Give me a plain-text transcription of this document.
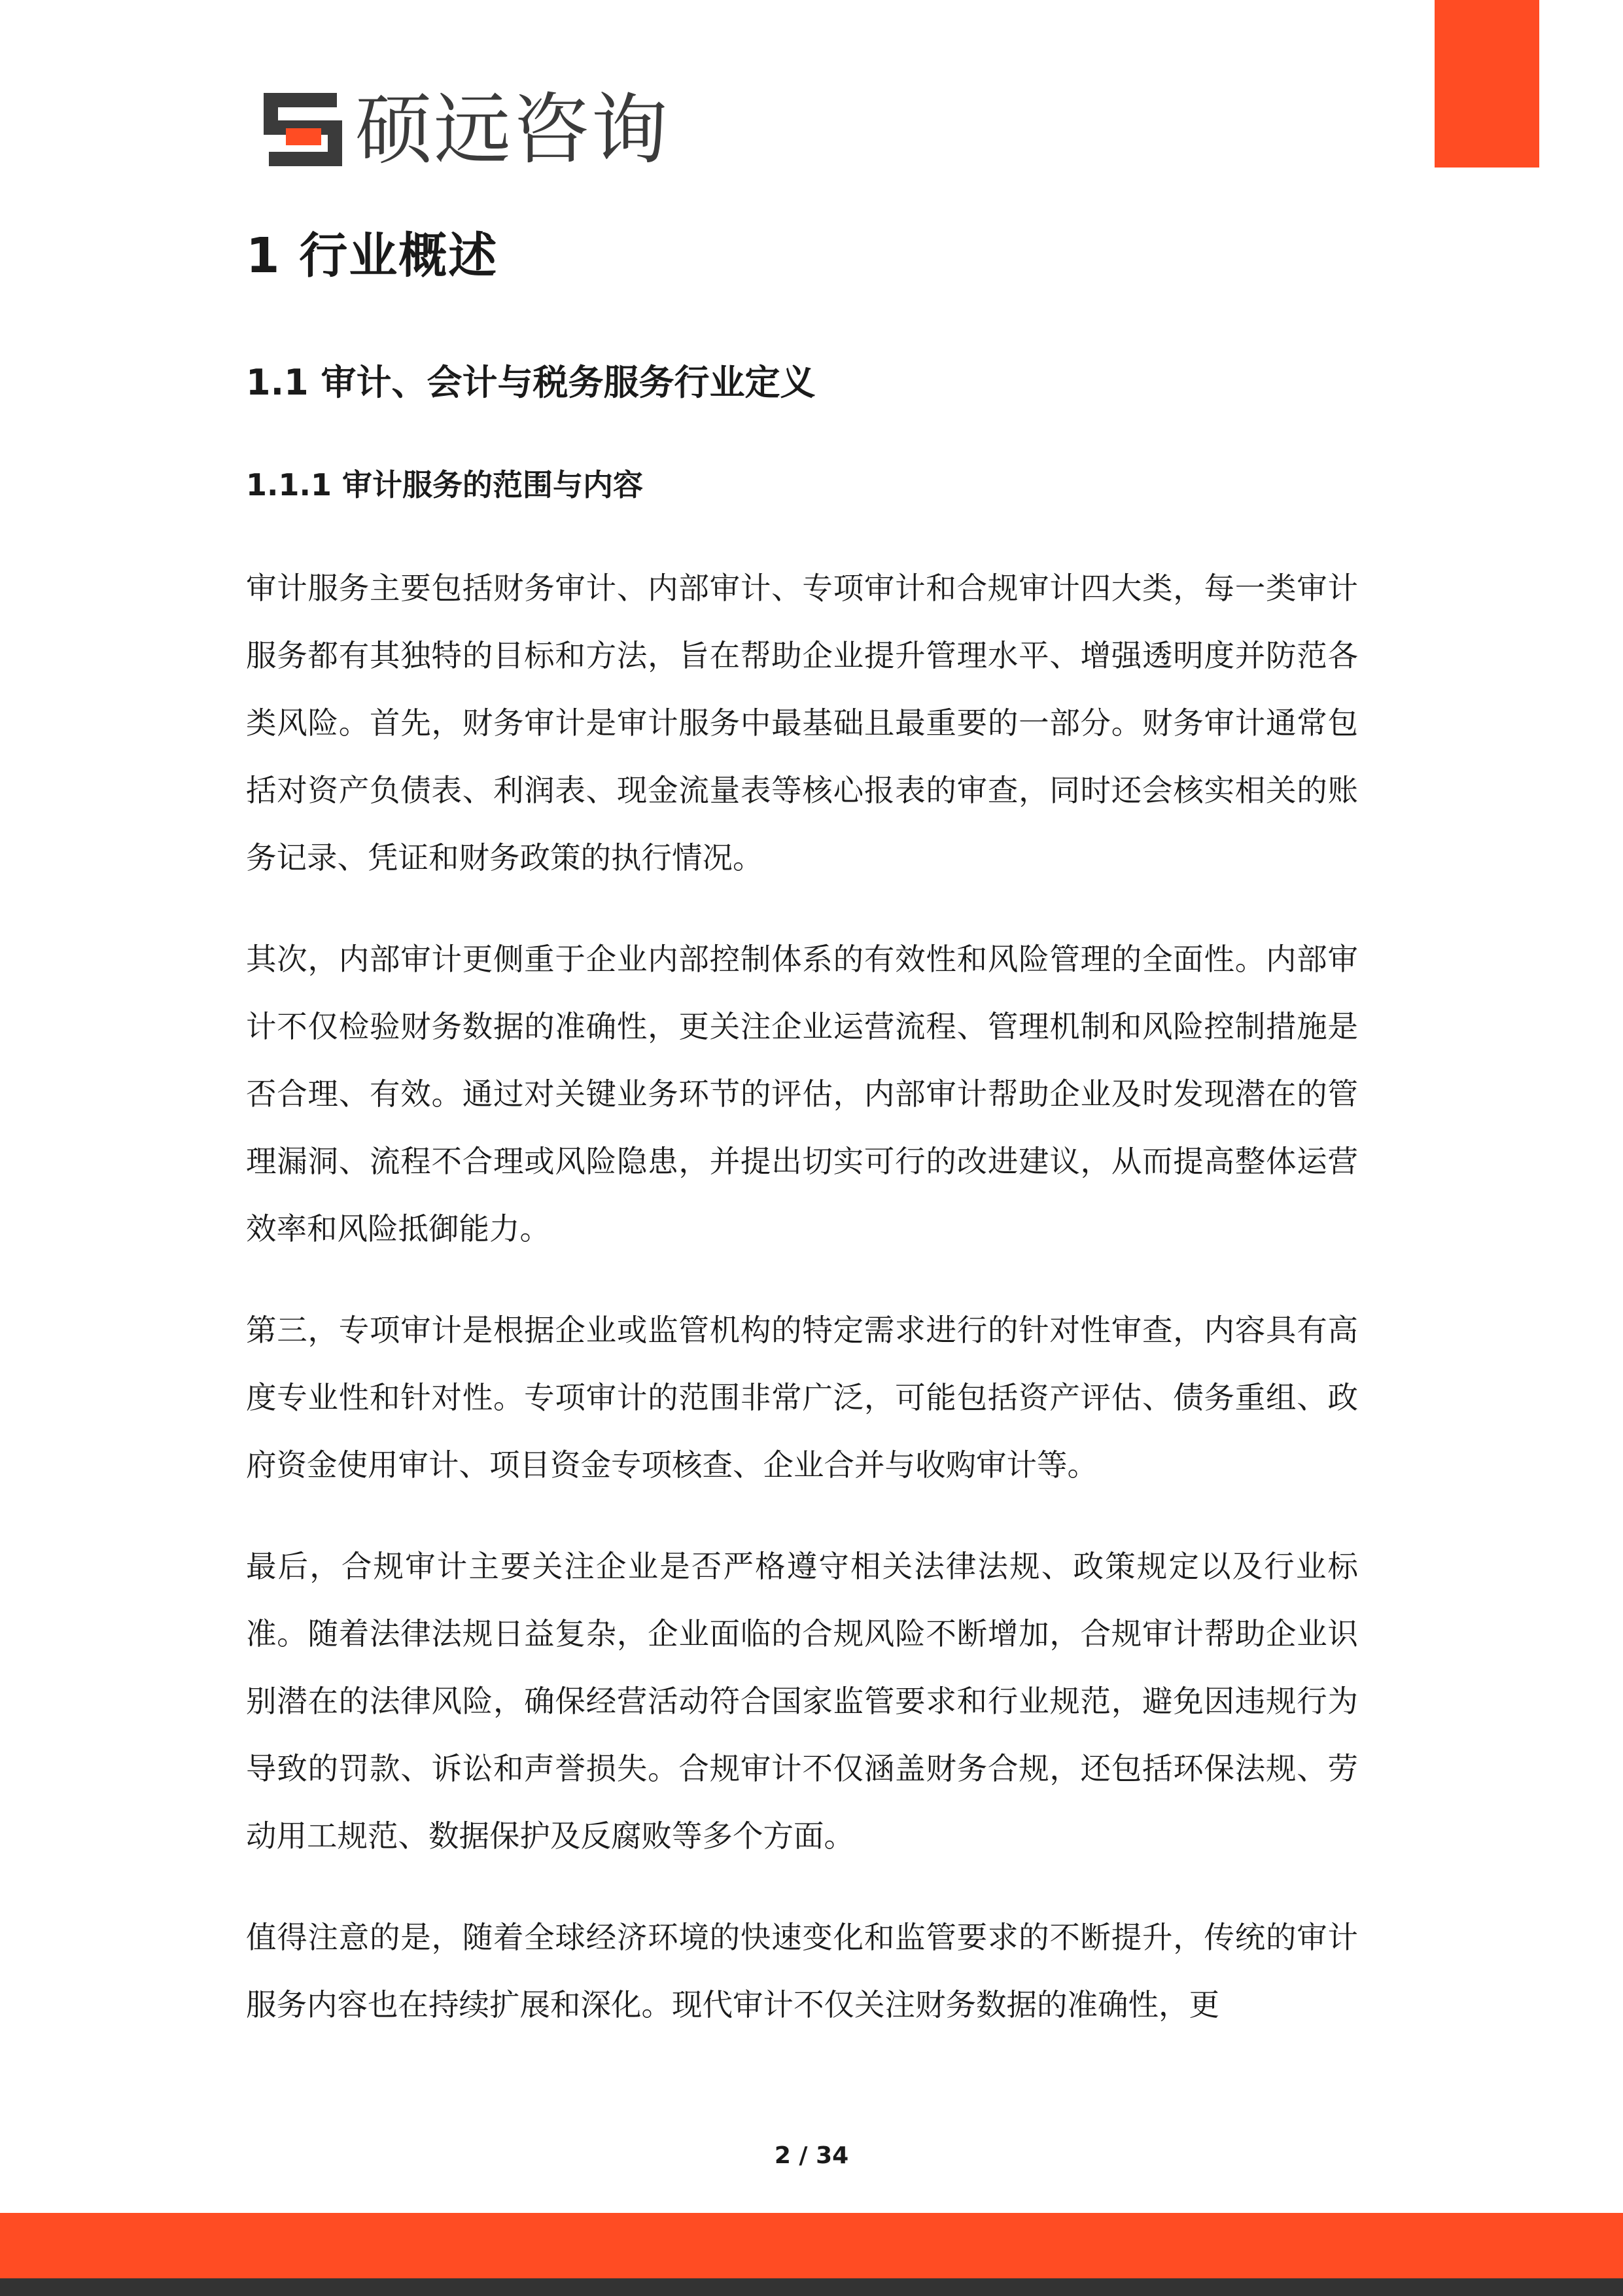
硕远咨询
1 行业概述
1.1 审计、会计与税务服务行业定义
1.1.1 审计服务的范围与内容

审计服务主要包括财务审计、内部审计、专项审计和合规审计四大类，每一类审计服务都有其独特的目标和方法，旨在帮助企业提升管理水平、增强透明度并防范各类风险。首先，财务审计是审计服务中最基础且最重要的一部分。财务审计通常包括对资产负债表、利润表、现金流量表等核心报表的审查，同时还会核实相关的账务记录、凭证和财务政策的执行情况。

其次，内部审计更侧重于企业内部控制体系的有效性和风险管理的全面性。内部审计不仅检验财务数据的准确性，更关注企业运营流程、管理机制和风险控制措施是否合理、有效。通过对关键业务环节的评估，内部审计帮助企业及时发现潜在的管理漏洞、流程不合理或风险隐患，并提出切实可行的改进建议，从而提高整体运营效率和风险抵御能力。

第三，专项审计是根据企业或监管机构的特定需求进行的针对性审查，内容具有高度专业性和针对性。专项审计的范围非常广泛，可能包括资产评估、债务重组、政府资金使用审计、项目资金专项核查、企业合并与收购审计等。

最后，合规审计主要关注企业是否严格遵守相关法律法规、政策规定以及行业标准。随着法律法规日益复杂，企业面临的合规风险不断增加，合规审计帮助企业识别潜在的法律风险，确保经营活动符合国家监管要求和行业规范，避免因违规行为导致的罚款、诉讼和声誉损失。合规审计不仅涵盖财务合规，还包括环保法规、劳动用工规范、数据保护及反腐败等多个方面。

值得注意的是，随着全球经济环境的快速变化和监管要求的不断提升，传统的审计服务内容也在持续扩展和深化。现代审计不仅关注财务数据的准确性，更

2 / 34
